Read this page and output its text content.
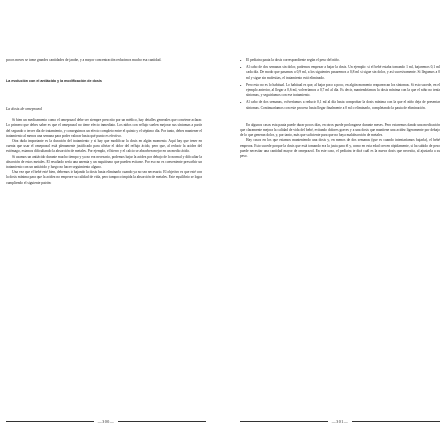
pocos meses se tome grandes cantidades de jarabe, y a mayor concentración reducimos mucho esa cantidad.

La evolución con el antiácido y la modificación de dosis

La dosis de omeprazol

Si bien un medicamento como el omeprazol debe ser siempre prescrito por un médico, hay detalles generales que conviene aclarar. Lo primero que debes saber es que el omeprazol no tiene efecto inmediato. Los niños con reflujo suelen mejorar sus síntomas a partir del segundo o tercer día de tratamiento, y conseguimos un efecto completo entre el quinto y el séptimo día. Por tanto, debes mantener el tratamiento al menos una semana para poder valorar hasta qué punto es efectivo.

Otra duda importante es la duración del tratamiento y si hay que modificar la dosis en algún momento. Aquí hay que tener en cuenta que usar el omeprazol está plenamente justificado para aliviar el dolor del reflujo ácido, pero que, al reducir la acidez del estómago, estamos dificultando la absorción de metales. Por ejemplo, el hierro y el calcio se absorben mejor en un medio ácido.

Si usamos un antiácido durante mucho tiempo y ya no era necesario, podemos bajar la acidez por debajo de lo normal y dificultar la absorción de estos metales. El resultado sería una anemia y un raquitismo que pueden evitarse. Por eso no es conveniente prescribir un tratamiento con un antiácido y luego no hacer seguimiento alguno.

Una vez que el bebé esté bien, debemos ir bajando la dosis hasta eliminarlo cuando ya no sea necesario. El objetivo es que esté con la dosis mínima para que la acidez no empeore su calidad de vida, pero tampoco impida la absorción de metales. Este equilibrio se logra cumpliendo el siguiente patrón:

—300—
• El pediatra pauta la dosis correspondiente según el peso del niño.

• Al cabo de dos semanas sin dolor, podemos empezar a bajar la dosis. Un ejemplo: si el bebé estaba tomando 1 ml, bajaremos 0,1 ml cada día. De modo que pasamos a 0,9 ml, a los siguientes pasaremos a 0,8 ml si sigue sin dolor, y así sucesivamente. Si llegamos a 0 ml y sigue sin molestias, el tratamiento está eliminado.

• Pero esto no es lo habitual. Lo habitual es que, al bajar poco a poco, en algún momento reaparezcan los síntomas. Si esto sucede, en el ejemplo anterior, al llegar a 0,6 ml, volveríamos a 0,7 ml al día. Es decir, mantendríamos la dosis mínima con la que el niño no tenía síntomas, y seguiríamos con ese tratamiento.

• Al cabo de dos semanas, volveríamos a reducir 0,1 ml al día hasta comprobar la dosis mínima con la que el niño deja de presentar síntomas. Continuaríamos con este proceso hasta llegar finalmente a 0 ml o eliminarlo, completando la pauta de eliminación.

En algunos casos esta pauta puede durar pocos días, en otros puede prolongarse durante meses. Pero estaremos dando una medicación que claramente mejora la calidad de vida del bebé, evitando dolores graves y a una dosis que mantiene una acidez ligeramente por debajo de lo que generan dolor, y, por tanto, más que suficiente para que no haya malabsorción de metales.

Hay casos en los que estamos manteniendo una dosis y, en menos de dos semanas (que es cuando intentaríamos bajarla), el bebé empeora. Esto sucede porque la dosis que está tomando era la justa para él y, como en esta edad crecen rápidamente, si ha subido de peso puede necesitar una cantidad mayor de omeprazol. En este caso, el pediatra te dirá cuál es la nueva dosis que necesita, al ajustarla a su peso.

—301—
